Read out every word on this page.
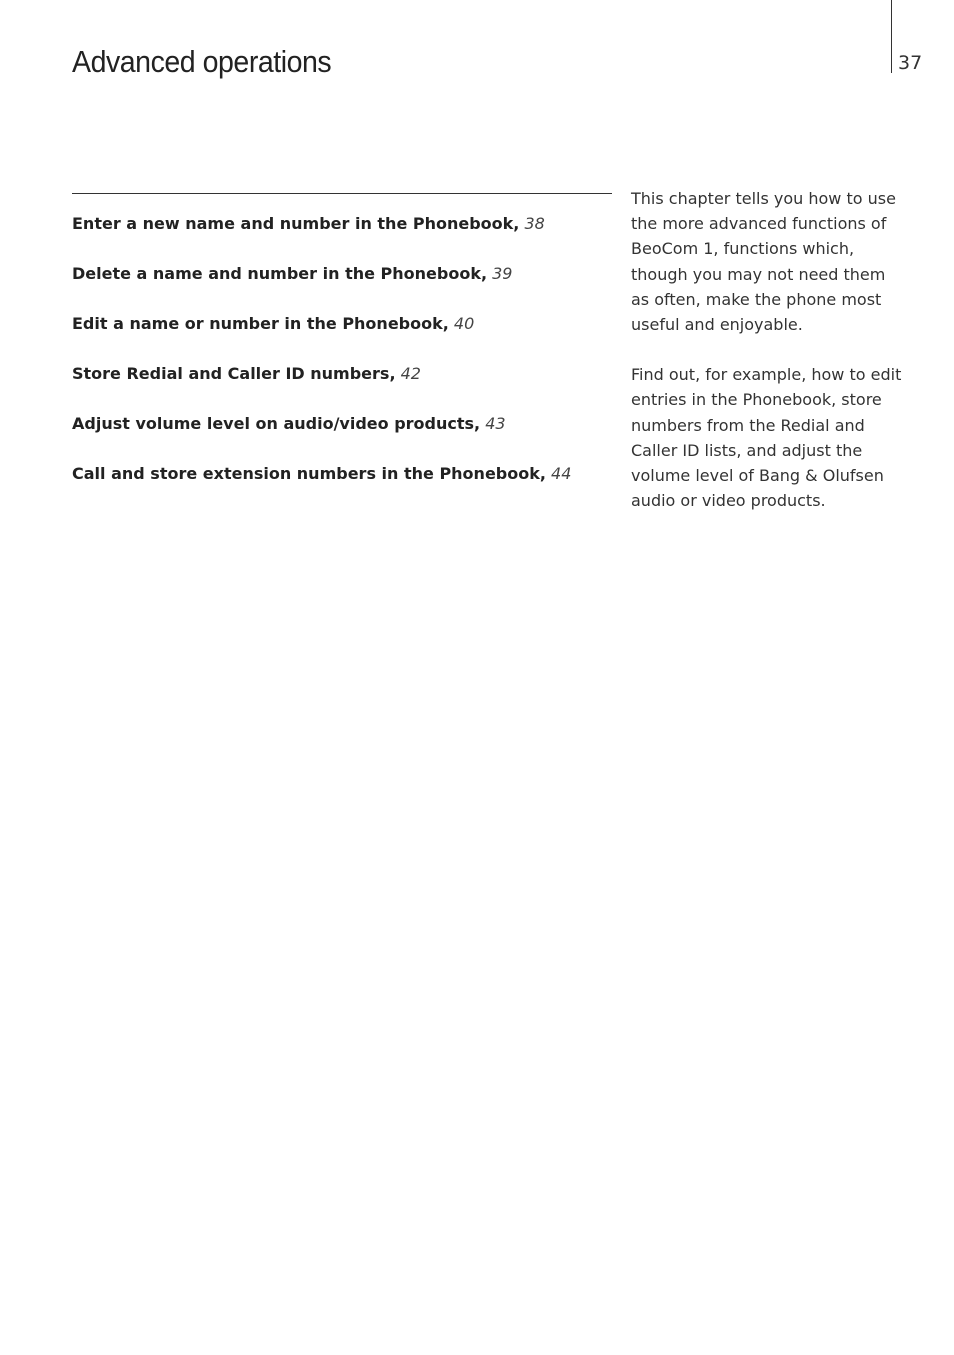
Advanced operations	37
Enter a new name and number in the Phonebook, 38
Delete a name and number in the Phonebook, 39
Edit a name or number in the Phonebook, 40
Store Redial and Caller ID numbers, 42
Adjust volume level on audio/video products, 43
Call and store extension numbers in the Phonebook, 44

This chapter tells you how to use the more advanced functions of BeoCom 1, functions which, though you may not need them as often, make the phone most useful and enjoyable.

Find out, for example, how to edit entries in the Phonebook, store numbers from the Redial and Caller ID lists, and adjust the volume level of Bang & Olufsen audio or video products.
